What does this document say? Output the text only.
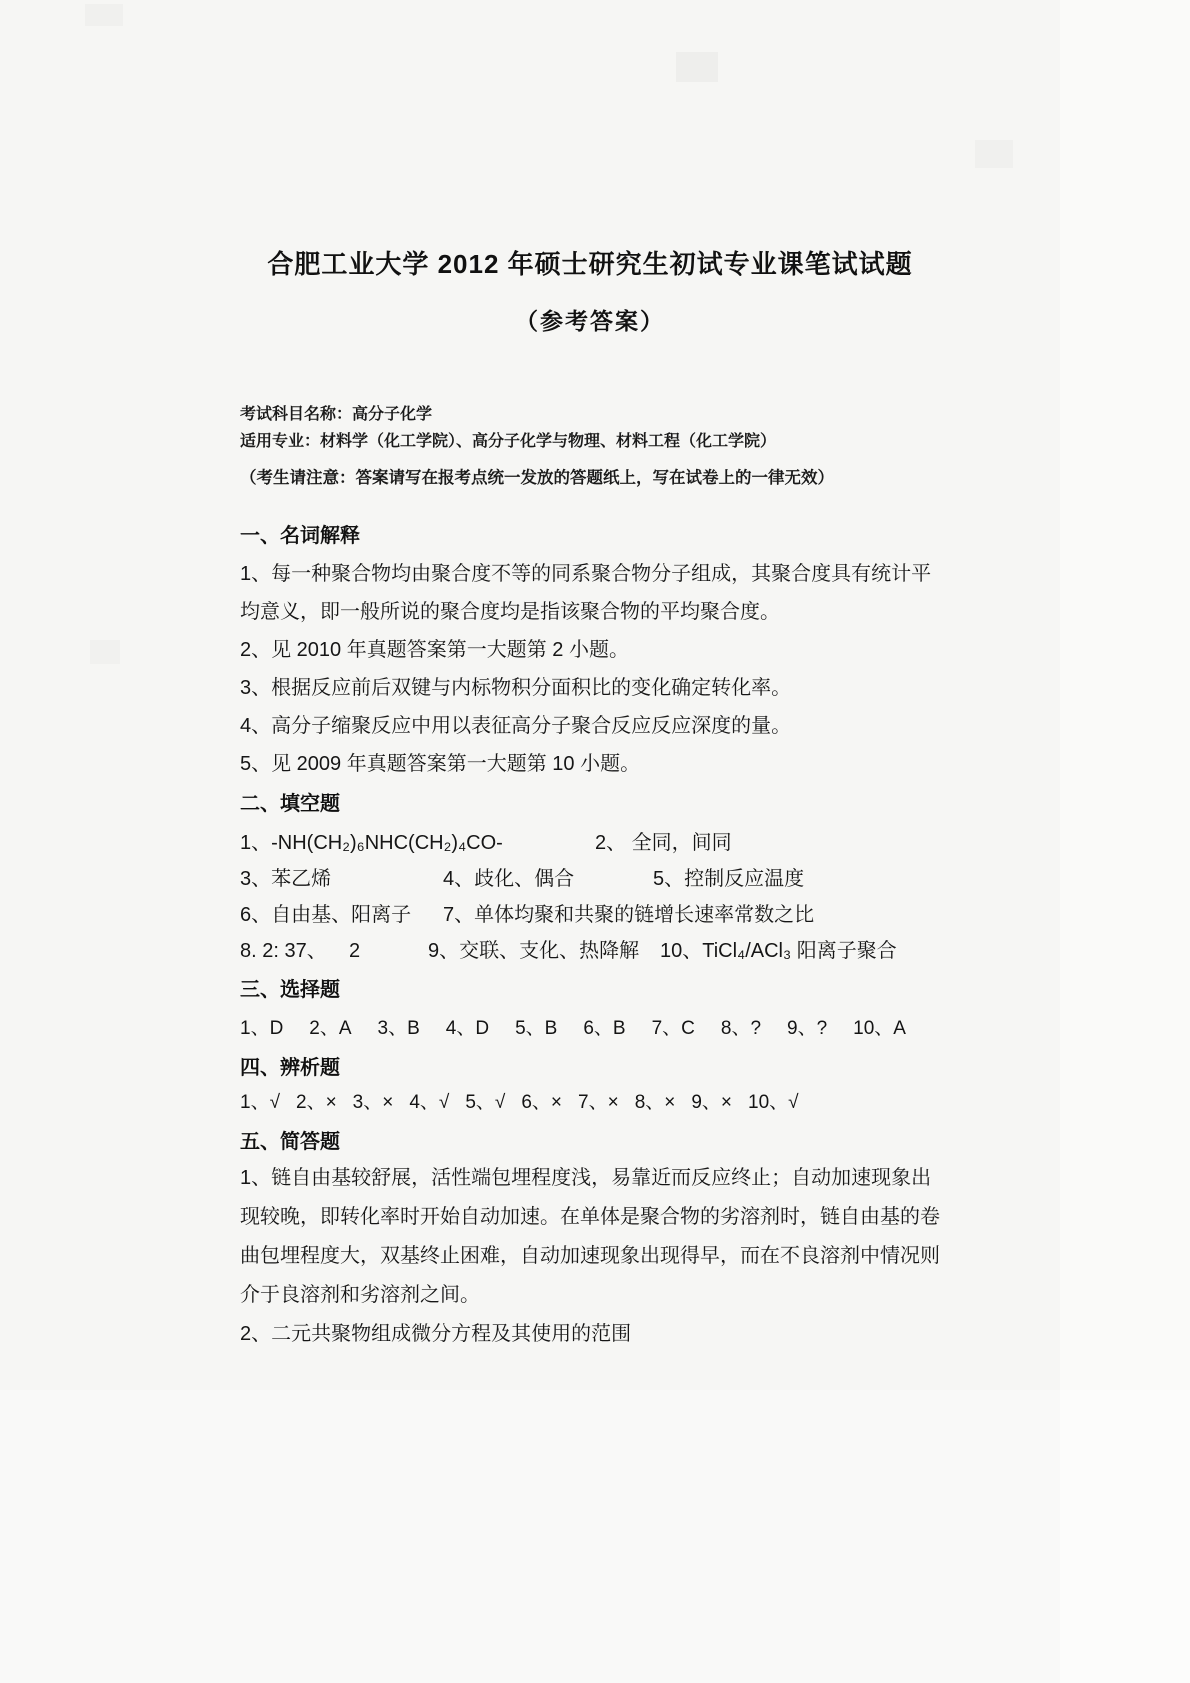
合肥工业大学 2012 年硕士研究生初试专业课笔试试题
（参考答案）
考试科目名称：高分子化学
适用专业：材料学（化工学院）、高分子化学与物理、材料工程（化工学院）
（考生请注意：答案请写在报考点统一发放的答题纸上，写在试卷上的一律无效）
一、名词解释
1、每一种聚合物均由聚合度不等的同系聚合物分子组成，其聚合度具有统计平
均意义，即一般所说的聚合度均是指该聚合物的平均聚合度。
2、见 2010 年真题答案第一大题第 2 小题。
3、根据反应前后双键与内标物积分面积比的变化确定转化率。
4、高分子缩聚反应中用以表征高分子聚合反应反应深度的量。
5、见 2009 年真题答案第一大题第 10 小题。
二、填空题
1、-NH(CH₂)₆NHC(CH₂)₄CO-	2、 全同，间同
3、苯乙烯	4、歧化、偶合	5、控制反应温度
6、自由基、阳离子	7、单体均聚和共聚的链增长速率常数之比
8. 2: 37、    2	9、交联、支化、热降解	10、TiCl₄/ACl₃ 阳离子聚合
三、选择题
1、D 2、A 3、B 4、D 5、B 6、B 7、C 8、? 9、? 10、A
四、辨析题
1、√ 2、× 3、× 4、√ 5、√ 6、× 7、× 8、× 9、× 10、√
五、简答题
1、链自由基较舒展，活性端包埋程度浅，易靠近而反应终止；自动加速现象出
现较晚，即转化率时开始自动加速。在单体是聚合物的劣溶剂时，链自由基的卷
曲包埋程度大，双基终止困难，自动加速现象出现得早，而在不良溶剂中情况则
介于良溶剂和劣溶剂之间。
2、二元共聚物组成微分方程及其使用的范围
